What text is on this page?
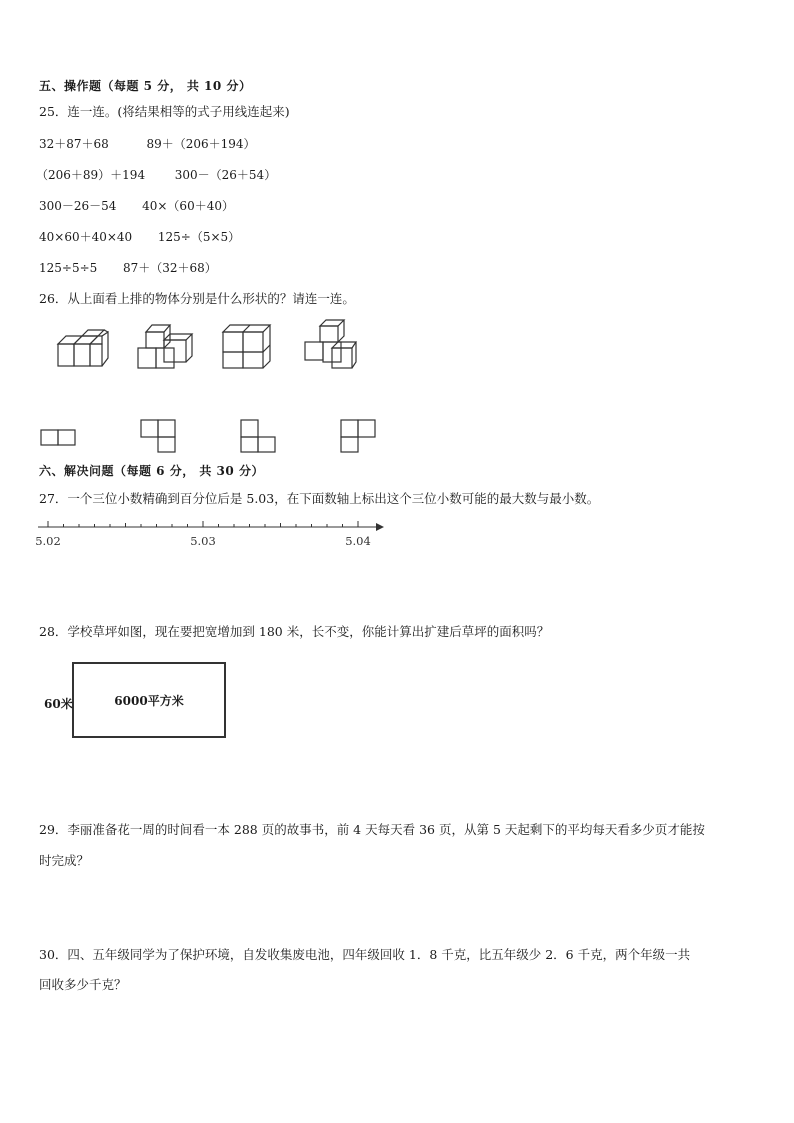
五、操作题（每题 5 分， 共 10 分）
25．连一连。(将结果相等的式子用线连起来)
32＋87＋68	89＋（206＋194）
（206＋89）＋194 300－（26＋54）
300－26－54 40×（60＋40）
40×60＋40×40 125÷（5×5）
125÷5÷5 87＋（32＋68）
26．从上面看上排的物体分别是什么形状的？请连一连。
六、解决问题（每题 6 分， 共 30 分）
27．一个三位小数精确到百分位后是 5.03，在下面数轴上标出这个三位小数可能的最大数与最小数。
5.02	5.03	5.04
28．学校草坪如图，现在要把宽增加到 180 米，长不变，你能计算出扩建后草坪的面积吗？
6000平方米
60米
29．李丽准备花一周的时间看一本 288 页的故事书，前 4 天每天看 36 页，从第 5 天起剩下的平均每天看多少页才能按
时完成？
30．四、五年级同学为了保护环境，自发收集废电池，四年级回收 1．8 千克，比五年级少 2．6 千克，两个年级一共
回收多少千克？
